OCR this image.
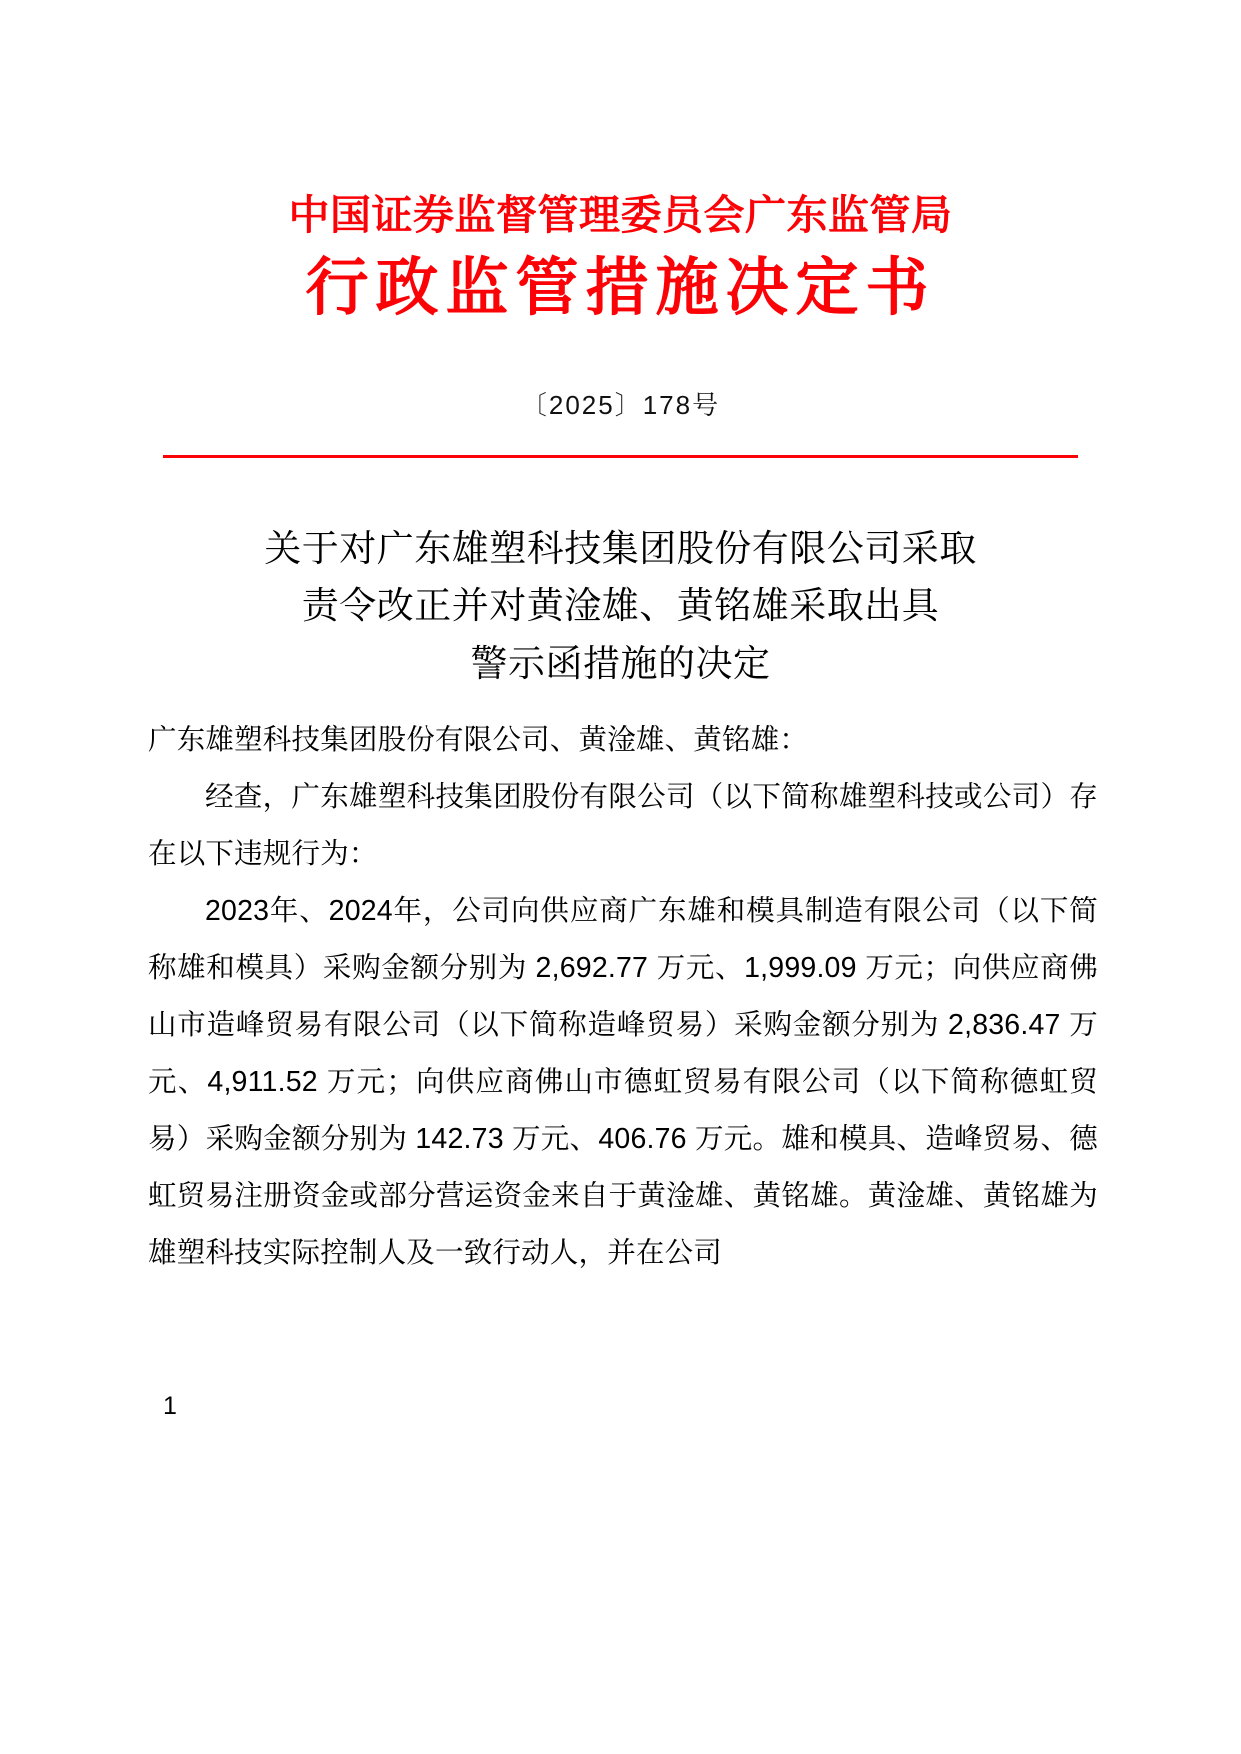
中国证券监督管理委员会广东监管局
行政监管措施决定书
〔2025〕178号
关于对广东雄塑科技集团股份有限公司采取
责令改正并对黄淦雄、黄铭雄采取出具
警示函措施的决定

广东雄塑科技集团股份有限公司、黄淦雄、黄铭雄：

经查，广东雄塑科技集团股份有限公司（以下简称雄塑科技或公司）存在以下违规行为：

2023年、2024年，公司向供应商广东雄和模具制造有限公司（以下简称雄和模具）采购金额分别为 2,692.77 万元、1,999.09 万元；向供应商佛山市造峰贸易有限公司（以下简称造峰贸易）采购金额分别为 2,836.47 万元、4,911.52 万元；向供应商佛山市德虹贸易有限公司（以下简称德虹贸易）采购金额分别为 142.73 万元、406.76 万元。雄和模具、造峰贸易、德虹贸易注册资金或部分营运资金来自于黄淦雄、黄铭雄。黄淦雄、黄铭雄为雄塑科技实际控制人及一致行动人，并在公司

1
